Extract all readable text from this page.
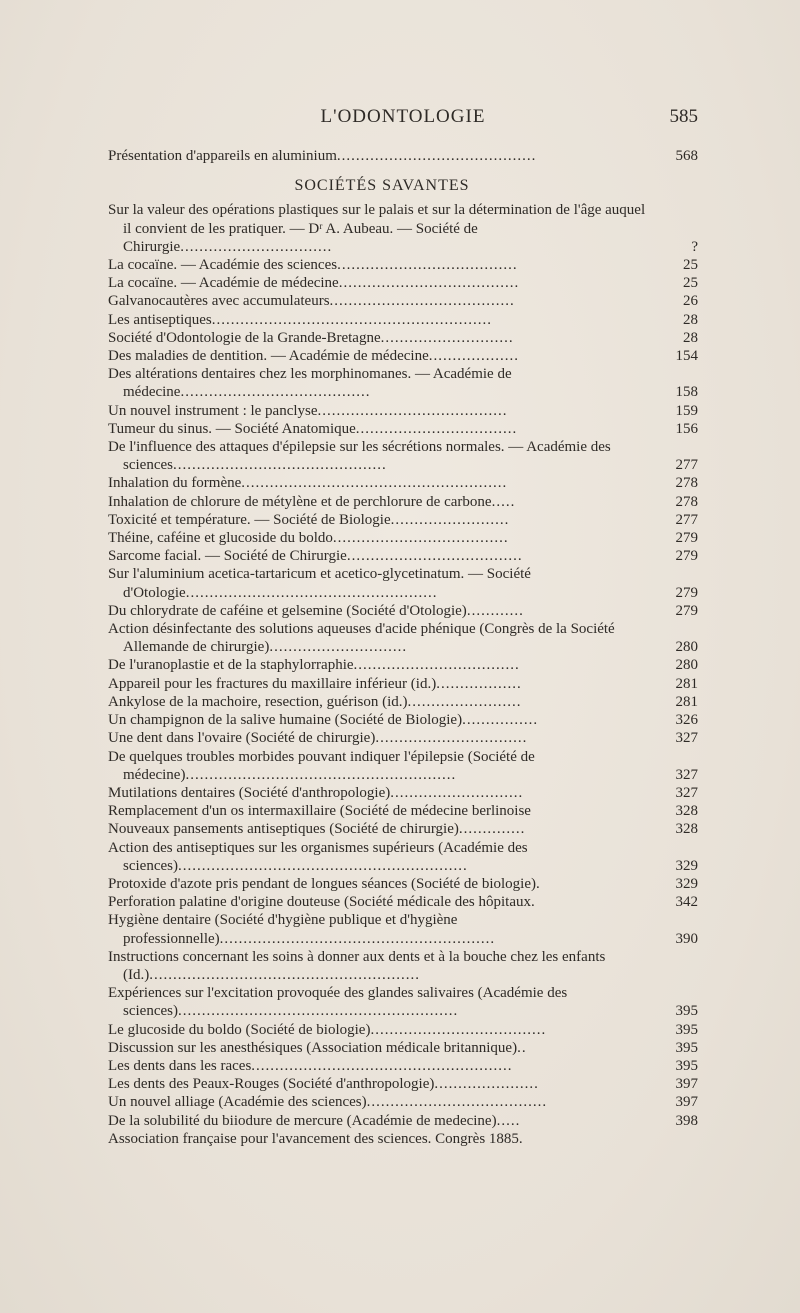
L'ODONTOLOGIE	585
Présentation d'appareils en aluminium..........................................	568
SOCIÉTÉS SAVANTES
Sur la valeur des opérations plastiques sur le palais et sur la détermination de l'âge auquel il convient de les pratiquer. — Dʳ A. Aubeau. — Société de Chirurgie................................	?
La cocaïne. — Académie des sciences......................................	25
La cocaïne. — Académie de médecine......................................	25
Galvanocautères avec accumulateurs.......................................	26
Les antiseptiques...........................................................	28
Société d'Odontologie de la Grande-Bretagne............................	28
Des maladies de dentition. — Académie de médecine...................	154
Des altérations dentaires chez les morphinomanes. — Académie de médecine........................................	158
Un nouvel instrument : le panclyse........................................	159
Tumeur du sinus. — Société Anatomique..................................	156
De l'influence des attaques d'épilepsie sur les sécrétions normales. — Académie des sciences.............................................	277
Inhalation du formène........................................................	278
Inhalation de chlorure de métylène et de perchlorure de carbone.....	278
Toxicité et température. — Société de Biologie.........................	277
Théine, caféine et glucoside du boldo.....................................	279
Sarcome facial. — Société de Chirurgie.....................................	279
Sur l'aluminium acetica-tartaricum et acetico-glycetinatum. — Société d'Otologie.....................................................	279
Du chlorydrate de caféine et gelsemine (Société d'Otologie)............	279
Action désinfectante des solutions aqueuses d'acide phénique (Congrès de la Société Allemande de chirurgie).............................	280
De l'uranoplastie et de la staphylorraphie...................................	280
Appareil pour les fractures du maxillaire inférieur (id.)..................	281
Ankylose de la machoire, resection, guérison (id.)........................	281
Un champignon de la salive humaine (Société de Biologie)................	326
Une dent dans l'ovaire (Société de chirurgie)................................	327
De quelques troubles morbides pouvant indiquer l'épilepsie (Société de médecine).........................................................	327
Mutilations dentaires (Société d'anthropologie)............................	327
Remplacement d'un os intermaxillaire (Société de médecine berlinoise	328
Nouveaux pansements antiseptiques (Société de chirurgie)..............	328
Action des antiseptiques sur les organismes supérieurs (Académie des sciences).............................................................	329
Protoxide d'azote pris pendant de longues séances (Société de biologie).	329
Perforation palatine d'origine douteuse (Société médicale des hôpitaux.	342
Hygiène dentaire (Société d'hygiène publique et d'hygiène professionnelle)..........................................................	390
Instructions concernant les soins à donner aux dents et à la bouche chez les enfants (Id.).........................................................
Expériences sur l'excitation provoquée des glandes salivaires (Académie des sciences)...........................................................	395
Le glucoside du boldo (Société de biologie).....................................	395
Discussion sur les anesthésiques (Association médicale britannique)..	395
Les dents dans les races.......................................................	395
Les dents des Peaux-Rouges (Société d'anthropologie)......................	397
Un nouvel alliage (Académie des sciences)......................................	397
De la solubilité du biiodure de mercure (Académie de medecine).....	398
Association française pour l'avancement des sciences. Congrès 1885.
